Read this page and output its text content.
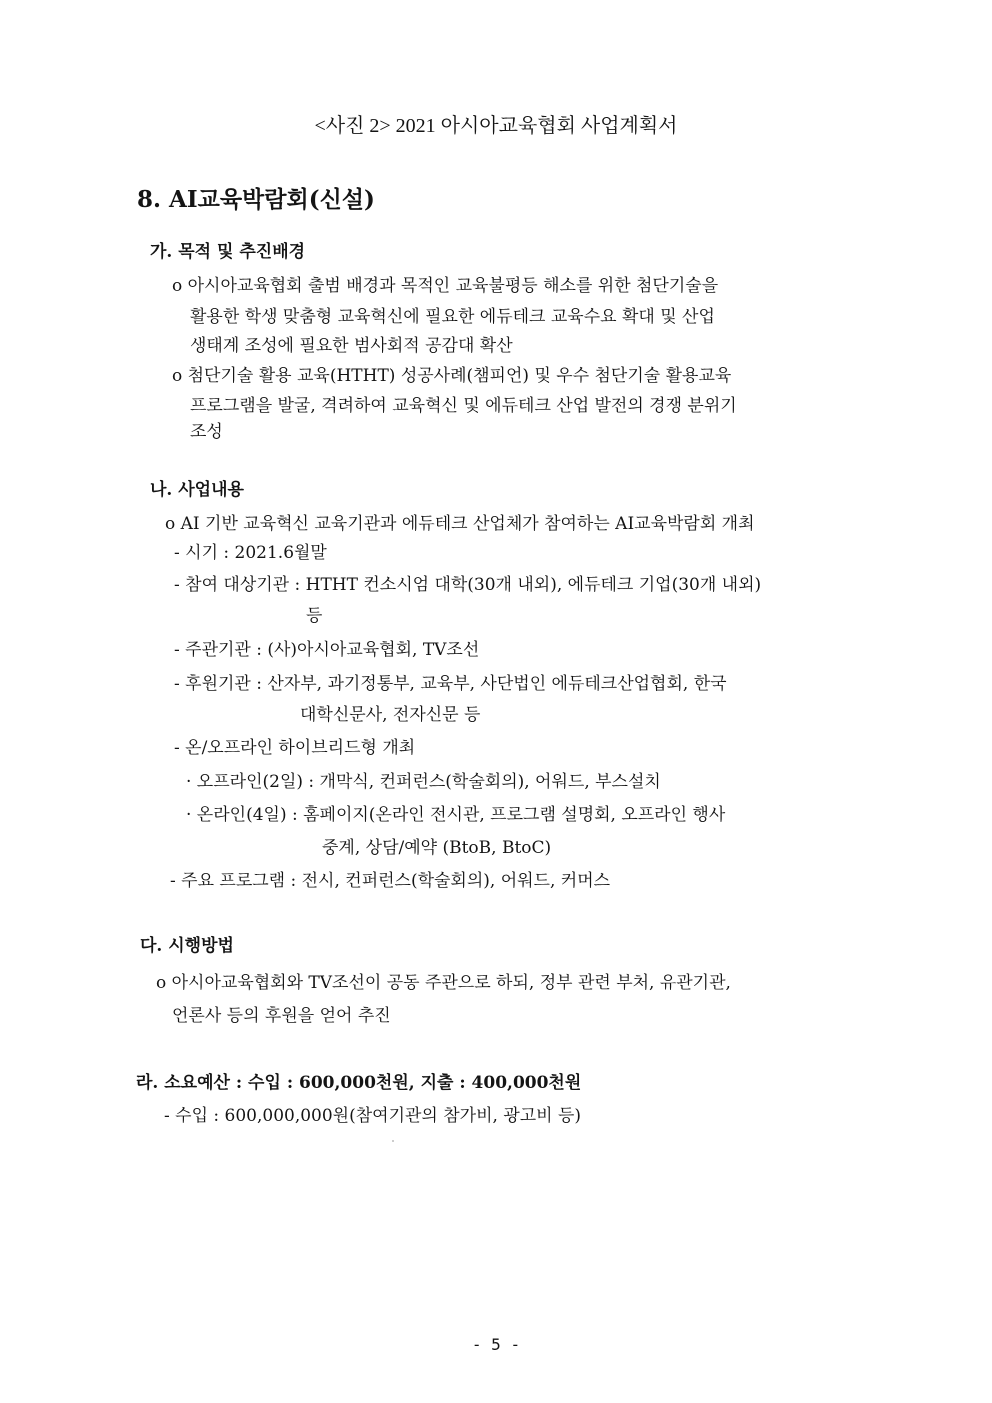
<사진 2> 2021 아시아교육협회 사업계획서
8. AI교육박람회(신설)
가. 목적 및 추진배경
o 아시아교육협회 출범 배경과 목적인 교육불평등 해소를 위한 첨단기술을
활용한 학생 맞춤형 교육혁신에 필요한 에듀테크 교육수요 확대 및 산업
생태계 조성에 필요한 범사회적 공감대 확산
o 첨단기술 활용 교육(HTHT) 성공사례(챔피언) 및 우수 첨단기술 활용교육
프로그램을 발굴, 격려하여 교육혁신 및 에듀테크 산업 발전의 경쟁 분위기
조성
나. 사업내용
o AI 기반 교육혁신 교육기관과 에듀테크 산업체가 참여하는 AI교육박람회 개최
- 시기 : 2021.6월말
- 참여 대상기관 : HTHT 컨소시엄 대학(30개 내외), 에듀테크 기업(30개 내외)
등
- 주관기관 : (사)아시아교육협회, TV조선
- 후원기관 : 산자부, 과기정통부, 교육부, 사단법인 에듀테크산업협회, 한국
대학신문사, 전자신문 등
- 온/오프라인 하이브리드형 개최
· 오프라인(2일) : 개막식, 컨퍼런스(학술회의), 어워드, 부스설치
· 온라인(4일) : 홈페이지(온라인 전시관, 프로그램 설명회, 오프라인 행사
중계, 상담/예약 (BtoB, BtoC)
- 주요 프로그램 : 전시, 컨퍼런스(학술회의), 어워드, 커머스
다. 시행방법
o 아시아교육협회와 TV조선이 공동 주관으로 하되, 정부 관련 부처, 유관기관,
언론사 등의 후원을 얻어 추진
라. 소요예산 : 수입 : 600,000천원, 지출 : 400,000천원
- 수입 : 600,000,000원(참여기관의 참가비, 광고비 등)
- 5 -
